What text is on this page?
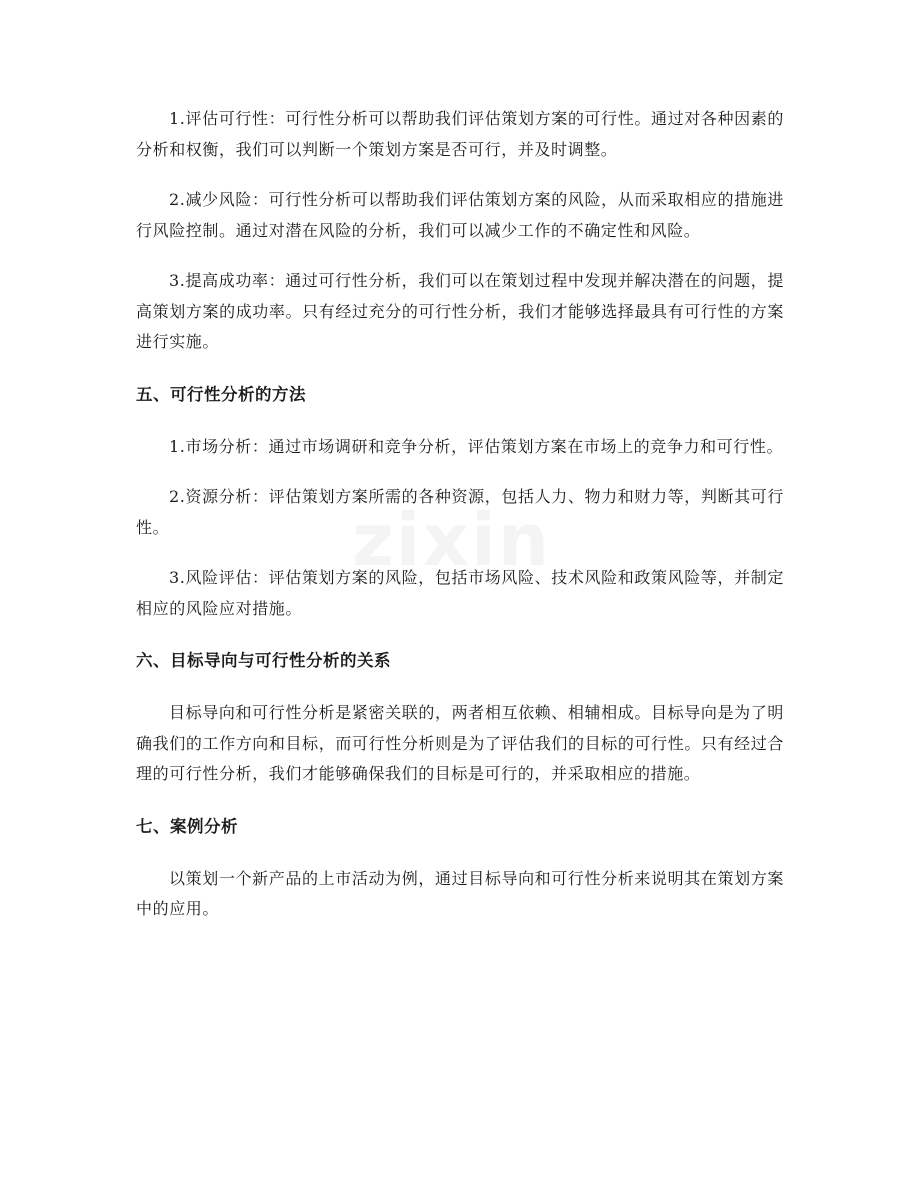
1.评估可行性：可行性分析可以帮助我们评估策划方案的可行性。通过对各种因素的分析和权衡，我们可以判断一个策划方案是否可行，并及时调整。

2.减少风险：可行性分析可以帮助我们评估策划方案的风险，从而采取相应的措施进行风险控制。通过对潜在风险的分析，我们可以减少工作的不确定性和风险。

3.提高成功率：通过可行性分析，我们可以在策划过程中发现并解决潜在的问题，提高策划方案的成功率。只有经过充分的可行性分析，我们才能够选择最具有可行性的方案进行实施。

五、可行性分析的方法

1.市场分析：通过市场调研和竞争分析，评估策划方案在市场上的竞争力和可行性。

2.资源分析：评估策划方案所需的各种资源，包括人力、物力和财力等，判断其可行性。

3.风险评估：评估策划方案的风险，包括市场风险、技术风险和政策风险等，并制定相应的风险应对措施。

六、目标导向与可行性分析的关系

目标导向和可行性分析是紧密关联的，两者相互依赖、相辅相成。目标导向是为了明确我们的工作方向和目标，而可行性分析则是为了评估我们的目标的可行性。只有经过合理的可行性分析，我们才能够确保我们的目标是可行的，并采取相应的措施。

七、案例分析

以策划一个新产品的上市活动为例，通过目标导向和可行性分析来说明其在策划方案中的应用。
